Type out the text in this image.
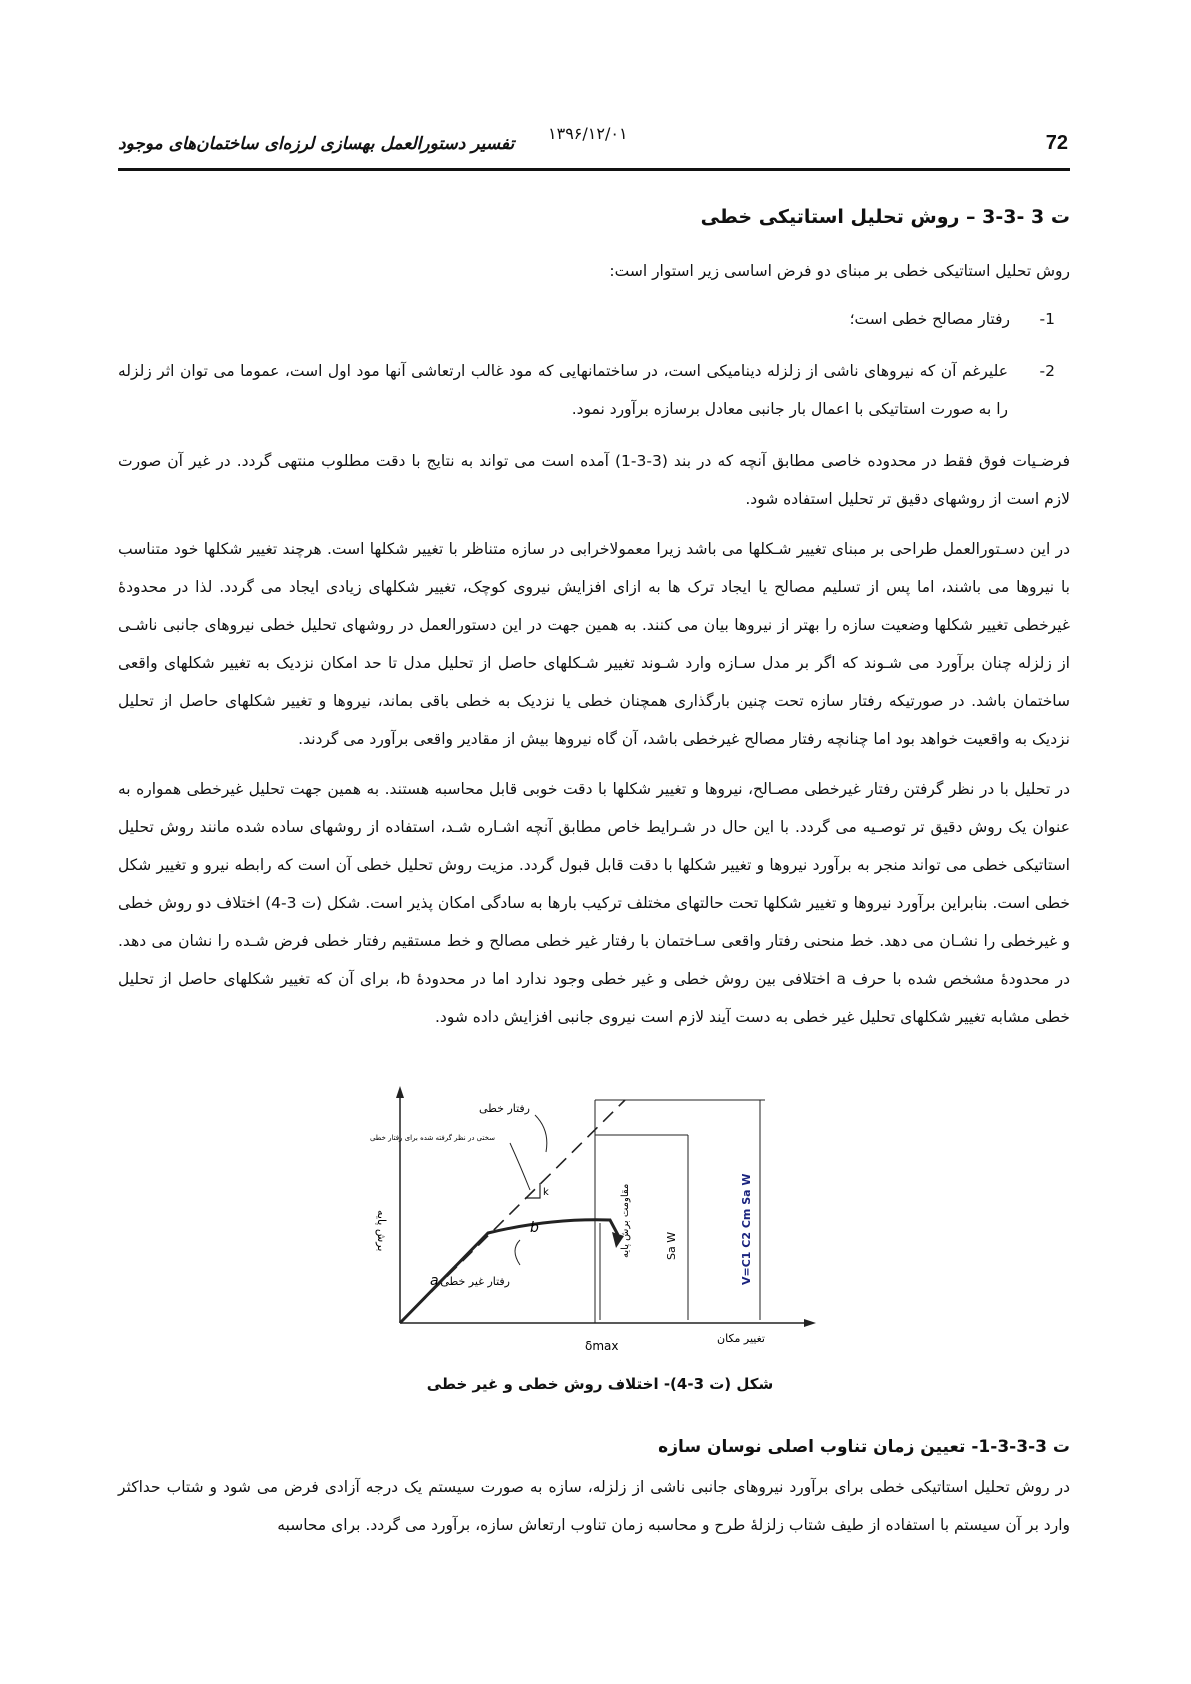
72
۱۳۹۶/۱۲/۰۱
تفسیر دستورالعمل بهسازی لرزه‌ای ساختمان‌های موجود
ت 3 -3-3 – روش تحلیل استاتیکی خطی
روش تحلیل استاتیکی خطی بر مبنای دو فرض اساسی زیر استوار است:
رفتار مصالح خطی است؛	1-
2-
علیرغم آن که نیروهای ناشی از زلزله دینامیکی است، در ساختمانهایی که مود غالب ارتعاشی آنها مود اول است، عموما می توان اثر زلزله را به صورت استاتیکی با اعمال بار جانبی معادل برسازه برآورد نمود.
فرضـیات فوق فقط در محدوده خاصی مطابق آنچه که در بند (3-3-1) آمده است می تواند به نتایج با دقت مطلوب منتهی گردد. در غیر آن صورت لازم است از روشهای دقیق تر تحلیل استفاده شود.
در این دسـتورالعمل طراحی بر مبنای تغییر شـکلها می باشد زیرا معمولاخرابی در سازه متناظر با تغییر شکلها است. هرچند تغییر شکلها خود متناسب با نیروها می باشند، اما پس از تسلیم مصالح یا ایجاد ترک ها به ازای افزایش نیروی کوچک، تغییر شکلهای زیادی ایجاد می گردد. لذا در محدودهٔ غیرخطی تغییر شکلها وضعیت سازه را بهتر از نیروها بیان می کنند. به همین جهت در این دستورالعمل در روشهای تحلیل خطی نیروهای جانبی ناشـی از زلزله چنان برآورد می شـوند که اگر بر مدل سـازه وارد شـوند تغییر شـکلهای حاصل از تحلیل مدل تا حد امکان نزدیک به تغییر شکلهای واقعی ساختمان باشد. در صورتیکه رفتار سازه تحت چنین بارگذاری همچنان خطی یا نزدیک به خطی باقی بماند، نیروها و تغییر شکلهای حاصل از تحلیل نزدیک به واقعیت خواهد بود اما چنانچه رفتار مصالح غیرخطی باشد، آن گاه نیروها بیش از مقادیر واقعی برآورد می گردند.
در تحلیل با در نظر گرفتن رفتار غیرخطی مصـالح، نیروها و تغییر شکلها با دقت خوبی قابل محاسبه هستند. به همین جهت تحلیل غیرخطی همواره به عنوان یک روش دقیق تر توصـیه می گردد. با این حال در شـرایط خاص مطابق آنچه اشـاره شـد، استفاده از روشهای ساده شده مانند روش تحلیل استاتیکی خطی می تواند منجر به برآورد نیروها و تغییر شکلها با دقت قابل قبول گردد. مزیت روش تحلیل خطی آن است که رابطه نیرو و تغییر شکل خطی است. بنابراین برآورد نیروها و تغییر شکلها تحت حالتهای مختلف ترکیب بارها به سادگی امکان پذیر است. شکل (ت 3-4) اختلاف دو روش خطی و غیرخطی را نشـان می دهد. خط منحنی رفتار واقعی سـاختمان با رفتار غیر خطی مصالح و خط مستقیم رفتار خطی فرض شـده را نشان می دهد. در محدودهٔ مشخص شده با حرف a اختلافی بین روش خطی و غیر خطی وجود ندارد اما در محدودهٔ b، برای آن که تغییر شکلهای حاصل از تحلیل خطی مشابه تغییر شکلهای تحلیل غیر خطی به دست آیند لازم است نیروی جانبی افزایش داده شود.
k
رفتار خطی
سختی در نظر گرفته شده برای رفتار خطی
رفتار غیر خطی
a
b
برش پایه	مقاومت برش پایه	Sa W	V=C1 C2 Cm Sa W
δmax
تغییر مکان
شکل (ت 3-4)- اختلاف روش خطی و غیر خطی
ت 3-3-3-1- تعیین زمان تناوب اصلی نوسان سازه
در روش تحلیل استاتیکی خطی برای برآورد نیروهای جانبی ناشی از زلزله، سازه به صورت سیستم یک درجه آزادی فرض می شود و شتاب حداکثر وارد بر آن سیستم با استفاده از طیف شتاب زلزلهٔ طرح و محاسبه زمان تناوب ارتعاش سازه، برآورد می گردد. برای محاسبه
